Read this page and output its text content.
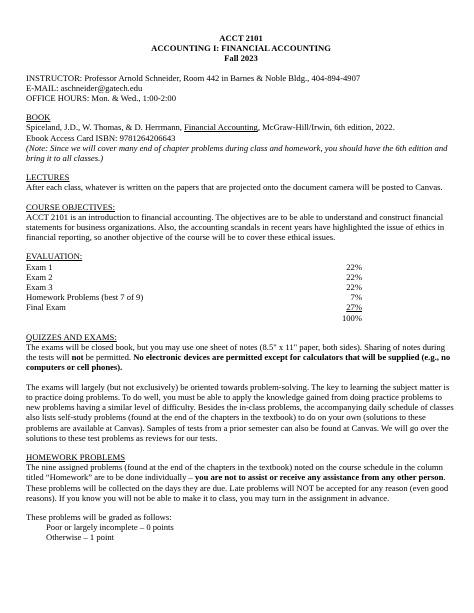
ACCT 2101
ACCOUNTING I: FINANCIAL ACCOUNTING
Fall 2023
INSTRUCTOR: Professor Arnold Schneider, Room 442 in Barnes & Noble Bldg., 404-894-4907
E-MAIL: aschneider@gatech.edu
OFFICE HOURS: Mon. & Wed., 1:00-2:00
BOOK
Spiceland, J.D., W. Thomas, & D. Herrmann, Financial Accounting, McGraw-Hill/Irwin, 6th edition, 2022.
Ebook Access Card ISBN: 9781264206643
(Note: Since we will cover many end of chapter problems during class and homework, you should have the 6th edition and bring it to all classes.)
LECTURES
After each class, whatever is written on the papers that are projected onto the document camera will be posted to Canvas.
COURSE OBJECTIVES:
ACCT 2101 is an introduction to financial accounting. The objectives are to be able to understand and construct financial statements for business organizations. Also, the accounting scandals in recent years have highlighted the issue of ethics in financial reporting, so another objective of the course will be to cover these ethical issues.
EVALUATION:
Exam 1	22%
Exam 2	22%
Exam 3	22%
Homework Problems (best 7 of 9)	7%
Final Exam	27%
100%
QUIZZES AND EXAMS:
The exams will be closed book, but you may use one sheet of notes (8.5" x 11" paper, both sides). Sharing of notes during the tests will not be permitted. No electronic devices are permitted except for calculators that will be supplied (e.g., no computers or cell phones).
The exams will largely (but not exclusively) be oriented towards problem-solving. The key to learning the subject matter is to practice doing problems. To do well, you must be able to apply the knowledge gained from doing practice problems to new problems having a similar level of difficulty. Besides the in-class problems, the accompanying daily schedule of classes also lists self-study problems (found at the end of the chapters in the textbook) to do on your own (solutions to these problems are available at Canvas). Samples of tests from a prior semester can also be found at Canvas. We will go over the solutions to these test problems as reviews for our tests.
HOMEWORK PROBLEMS
The nine assigned problems (found at the end of the chapters in the textbook) noted on the course schedule in the column titled “Homework” are to be done individually – you are not to assist or receive any assistance from any other person. These problems will be collected on the days they are due. Late problems will NOT be accepted for any reason (even good reasons). If you know you will not be able to make it to class, you may turn in the assignment in advance.
These problems will be graded as follows:
Poor or largely incomplete – 0 points
Otherwise – 1 point
